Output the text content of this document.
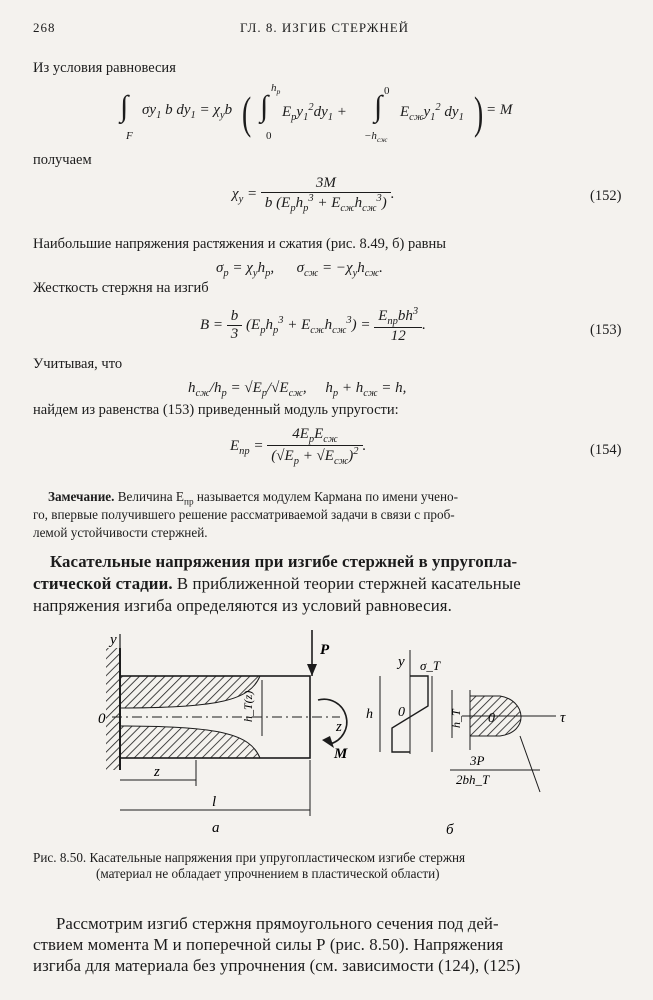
268	ГЛ. 8. ИЗГИБ СТЕРЖНЕЙ
Из условия равновесия
∫
F
$\sigma y_1$ b $dy_1 = \chi_yb$ ( ∫
$h_p$
0
$E_py_1^2dy_1$ + ∫ 0
$-h_{сж}$
$E_{сж}y_1^2$ $dy_1$ ) = M
получаем
$\chi_y = \frac{3M}{b (E_ph_p^3 + E_{сж}h_{сж}^3)}$ .	(152)
Наибольшие напряжения растяжения и сжатия (рис. 8.49, б) равны
$\sigma_p = \chi_yh_p$,      $\sigma_{сж} = -\chi_yh_{сж}$.
Жесткость стержня на изгиб
$B = \frac{b}{3} (E_ph_p^3 + E_{сж}h_{сж}^3) = \frac{E_{пр}bh^3}{12}$ .	(153)
Учитывая, что
$h_{сж}/h_p = √E_p/√E_{сж}$,     $h_p + h_{сж} = h$,
найдем из равенства (153) приведенный модуль упругости:
$E_{пр} = \frac{4E_pE_{сж}}{(√E_p + √E_{сж})^2}$ .	(154)
Замечание. Величина $E_{пр}$ называется модулем Кармана по имени учено-
го, впервые получившего решение рассматриваемой задачи в связи с проб-
лемой устойчивости стержней.
Касательные напряжения при изгибе стержней в упругопла-
стической стадии. В приближенной теории стержней касательные
напряжения изгиба определяются из условий равновесия.
y
0	z
h_T(z)
P
M
z
l
а
y σ_T
h 0	h_T 0	τ
3P
2bh_T
б
Рис. 8.50. Касательные напряжения при упругопластическом изгибе стержня
(материал не обладает упрочнением в пластической области)
Рассмотрим изгиб стержня прямоугольного сечения под дей-
ствием момента М и поперечной силы Р (рис. 8.50). Напряжения
изгиба для материала без упрочнения (см. зависимости (124), (125)
